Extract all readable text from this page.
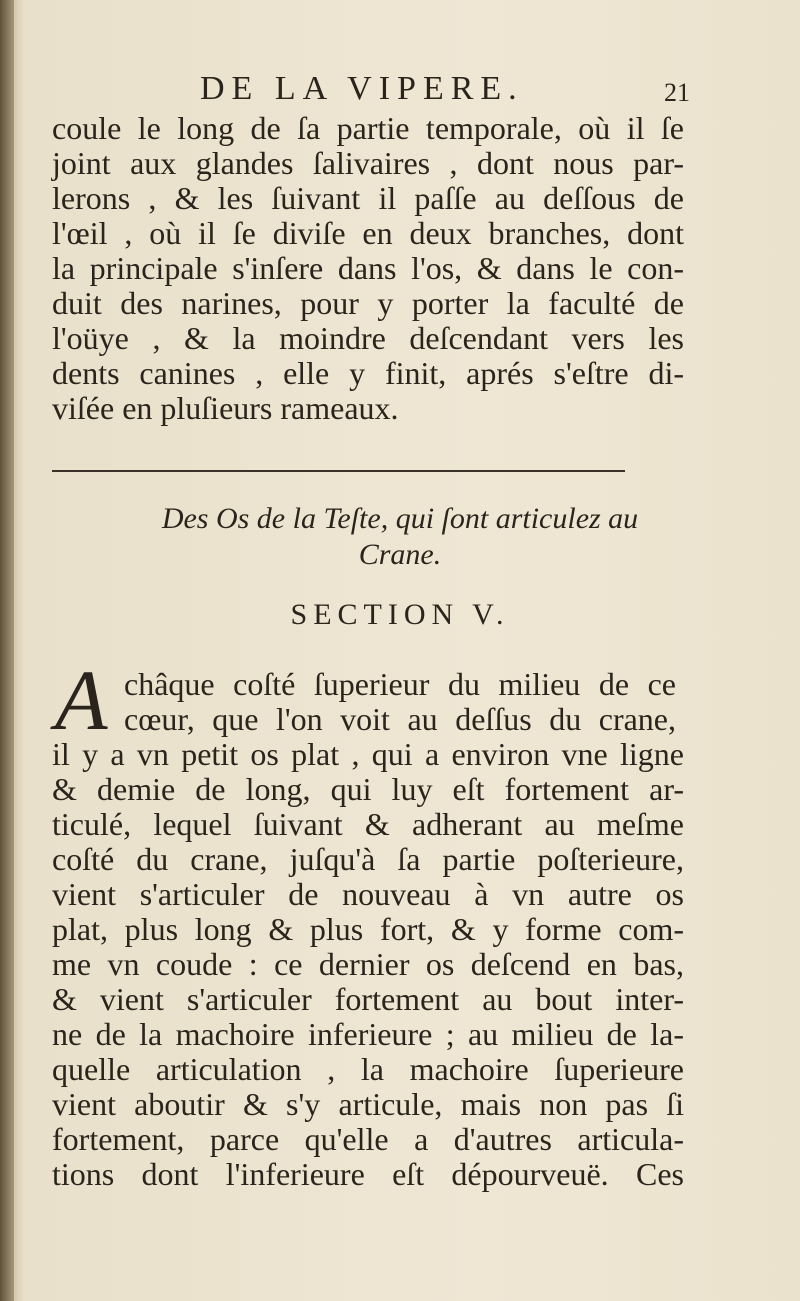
DE LA VIPERE.	21
coule le long de ſa partie temporale, où il ſe
joint aux glandes ſalivaires , dont nous par-
lerons , & les ſuivant il paſſe au deſſous de
l'œil , où il ſe diviſe en deux branches, dont
la principale s'inſere dans l'os, & dans le con-
duit des narines, pour y porter la faculté de
l'oüye , & la moindre deſcendant vers les
dents canines , elle y finit, aprés s'eſtre di-
viſée en pluſieurs rameaux.
Des Os de la Teſte, qui ſont articulez au
Crane.
SECTION V.
A châque coſté ſuperieur du milieu de ce
cœur, que l'on voit au deſſus du crane,
il y a vn petit os plat , qui a environ vne ligne
& demie de long, qui luy eſt fortement ar-
ticulé, lequel ſuivant & adherant au meſme
coſté du crane, juſqu'à ſa partie poſterieure,
vient s'articuler de nouveau à vn autre os
plat, plus long & plus fort, & y forme com-
me vn coude : ce dernier os deſcend en bas,
& vient s'articuler fortement au bout inter-
ne de la machoire inferieure ; au milieu de la-
quelle articulation , la machoire ſuperieure
vient aboutir & s'y articule, mais non pas ſi
fortement, parce qu'elle a d'autres articula-
tions dont l'inferieure eſt dépourveuë. Ces
